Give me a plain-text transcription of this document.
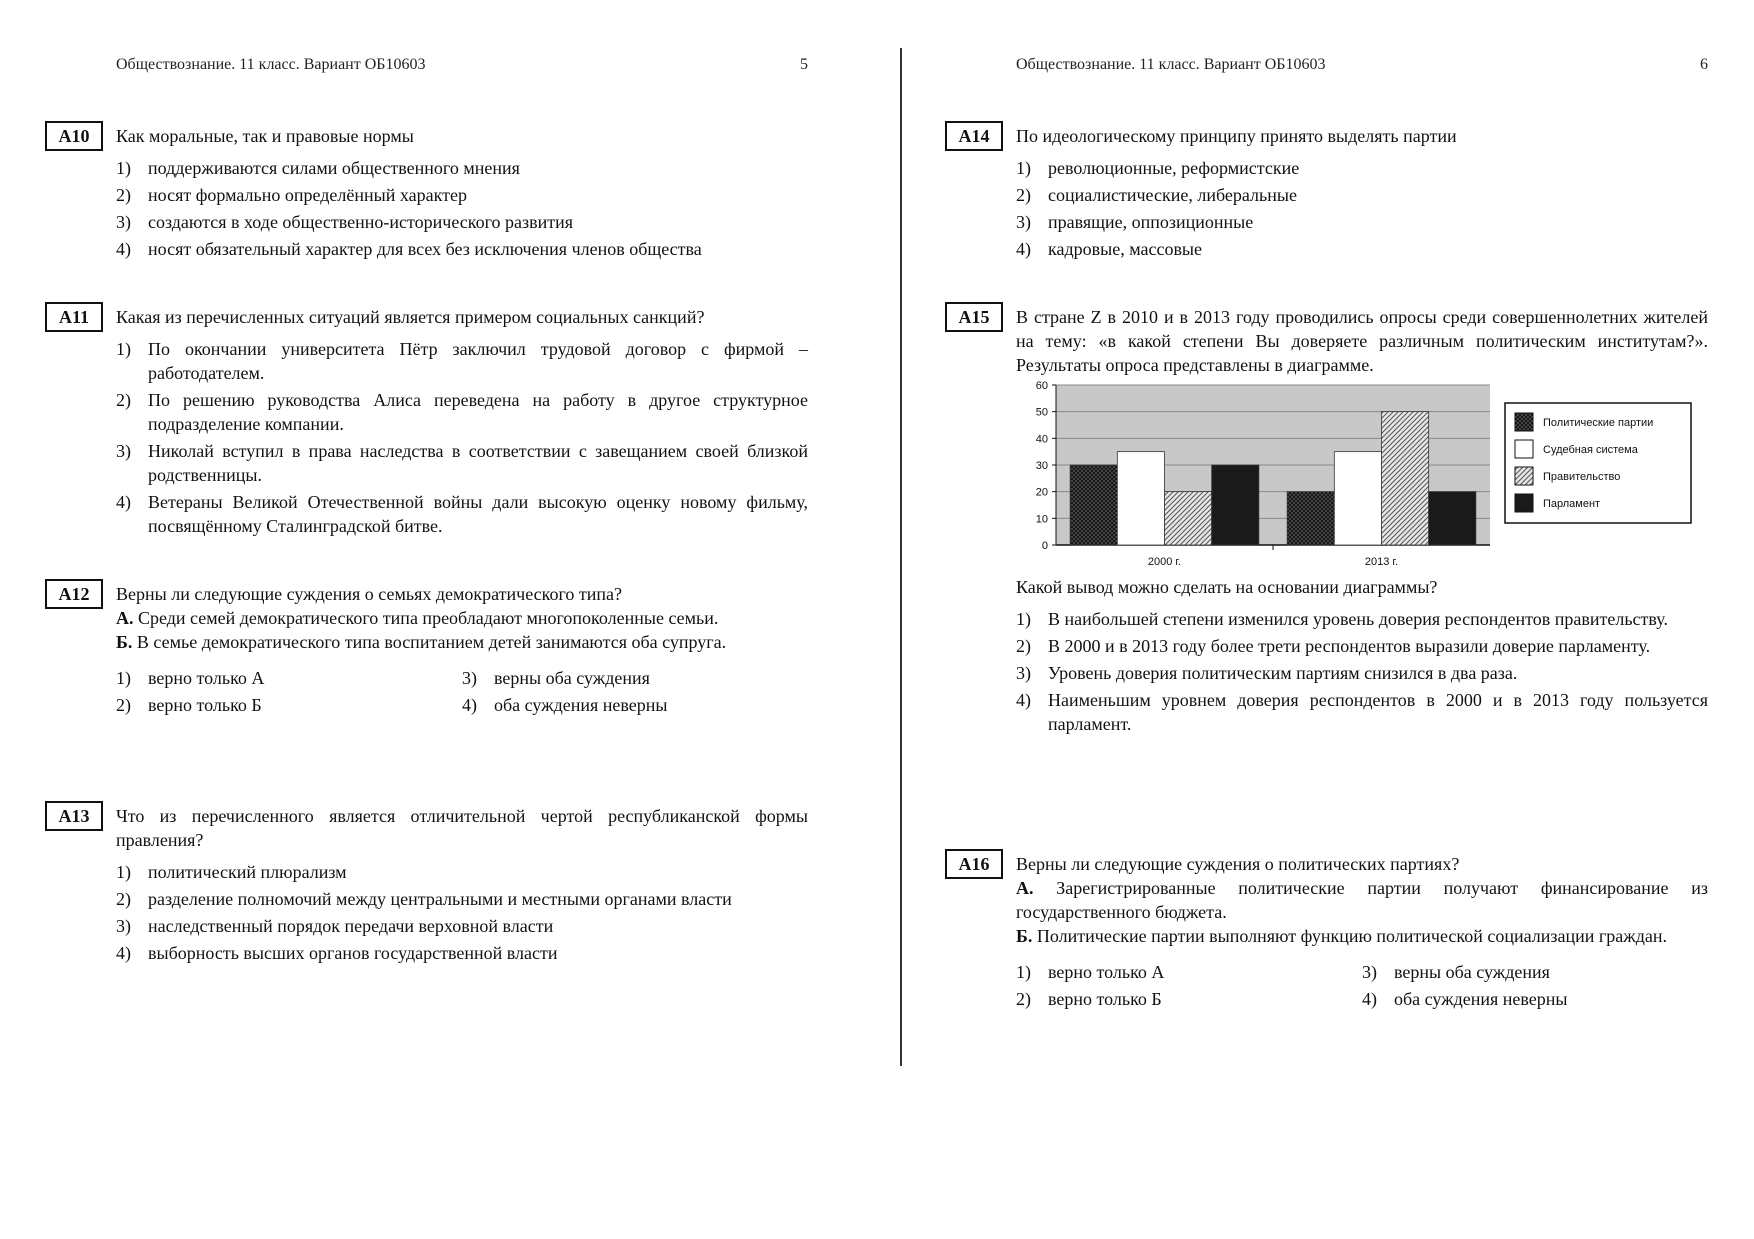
Обществознание. 11 класс. Вариант ОБ10603	5
A10	Как моральные, так и правовые нормы
1) поддерживаются силами общественного мнения
2) носят формально определённый характер
3) создаются в ходе общественно-исторического развития
4) носят обязательный характер для всех без исключения членов общества
A11	Какая из перечисленных ситуаций является примером социальных санкций?
1) По окончании университета Пётр заключил трудовой договор с фирмой – работодателем.
2) По решению руководства Алиса переведена на работу в другое структурное подразделение компании.
3) Николай вступил в права наследства в соответствии с завещанием своей близкой родственницы.
4) Ветераны Великой Отечественной войны дали высокую оценку новому фильму, посвящённому Сталинградской битве.
A12	Верны ли следующие суждения о семьях демократического типа?
А. Среди семей демократического типа преобладают многопоколенные семьи.
Б. В семье демократического типа воспитанием детей занимаются оба супруга.
1) верно только А	3) верны оба суждения
2) верно только Б	4) оба суждения неверны
A13	Что из перечисленного является отличительной чертой республиканской формы правления?
1) политический плюрализм
2) разделение полномочий между центральными и местными органами власти
3) наследственный порядок передачи верховной власти
4) выборность высших органов государственной власти
Обществознание. 11 класс. Вариант ОБ10603	6
A14	По идеологическому принципу принято выделять партии
1) революционные, реформистские
2) социалистические, либеральные
3) правящие, оппозиционные
4) кадровые, массовые
A15	В стране Z в 2010 и в 2013 году проводились опросы среди совершеннолетних жителей на тему: «в какой степени Вы доверяете различным политическим институтам?». Результаты опроса представлены в диаграмме.
0
10
20
30
40
50
60
2000 г.	2013 г.
Политические партии
Судебная система
Правительство
Парламент
Какой вывод можно сделать на основании диаграммы?
1) В наибольшей степени изменился уровень доверия респондентов правительству.
2) В 2000 и в 2013 году более трети респондентов выразили доверие парламенту.
3) Уровень доверия политическим партиям снизился в два раза.
4) Наименьшим уровнем доверия респондентов в 2000 и в 2013 году пользуется парламент.
A16	Верны ли следующие суждения о политических партиях?
А. Зарегистрированные политические партии получают финансирование из государственного бюджета.
Б. Политические партии выполняют функцию политической социализации граждан.
1) верно только А	3) верны оба суждения
2) верно только Б	4) оба суждения неверны
